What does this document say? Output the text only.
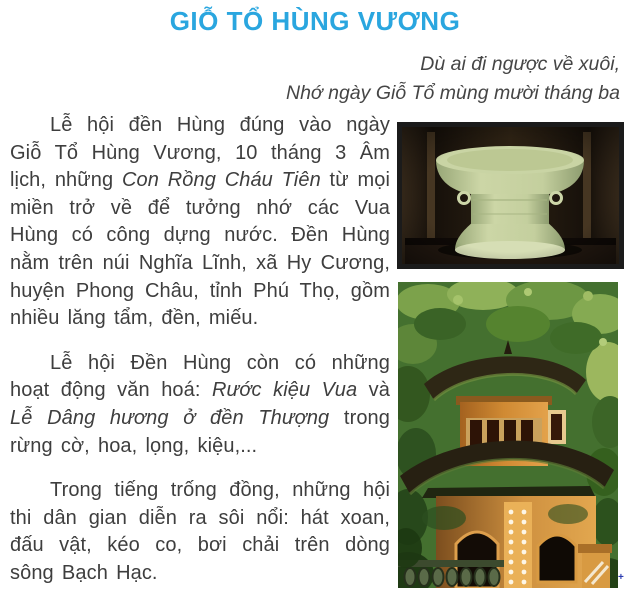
GIỖ TỔ HÙNG VƯƠNG
Dù ai đi ngược về xuôi,
Nhớ ngày Giỗ Tổ mùng mười tháng ba

Lễ hội đền Hùng đúng vào ngày Giỗ Tổ Hùng Vương, 10 tháng 3 Âm lịch, những Con Rồng Cháu Tiên từ mọi miền trở về để tưởng nhớ các Vua Hùng có công dựng nước. Đền Hùng nằm trên núi Nghĩa Lĩnh, xã Hy Cương, huyện Phong Châu, tỉnh Phú Thọ, gồm nhiều lăng tẩm, đền, miếu.

Lễ hội Đền Hùng còn có những hoạt động văn hoá: Rước kiệu Vua và Lễ Dâng hương ở đền Thượng trong rừng cờ, hoa, lọng, kiệu,...

Trong tiếng trống đồng, những hội thi dân gian diễn ra sôi nổi: hát xoan, đấu vật, kéo co, bơi chải trên dòng sông Bạch Hạc.	+
